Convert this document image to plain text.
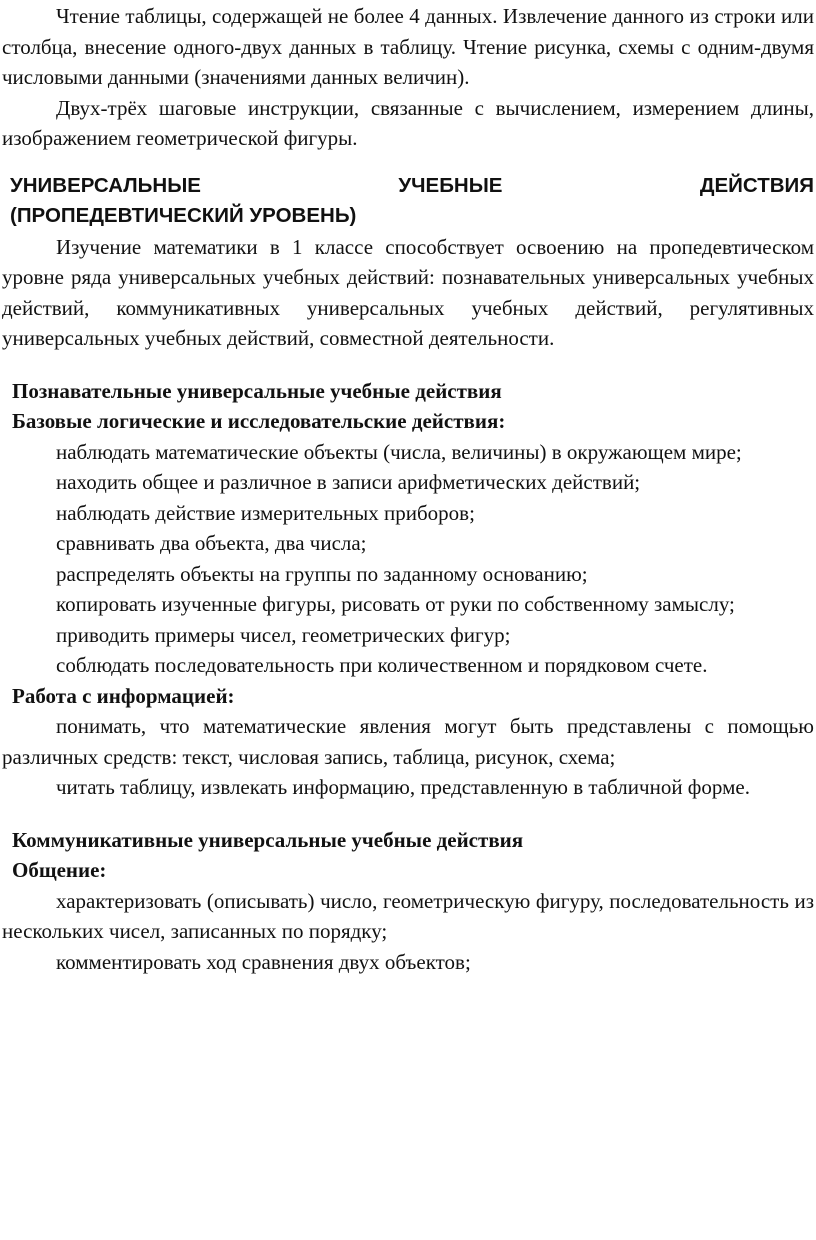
Чтение таблицы, содержащей не более 4 данных. Извлечение данного из строки или столбца, внесение одного-двух данных в таблицу. Чтение рисунка, схемы с одним-двумя числовыми данными (значениями данных величин).

Двух-трёх шаговые инструкции, связанные с вычислением, измерением длины, изображением геометрической фигуры.

УНИВЕРСАЛЬНЫЕ	УЧЕБНЫЕ	ДЕЙСТВИЯ
(ПРОПЕДЕВТИЧЕСКИЙ УРОВЕНЬ)

Изучение математики в 1 классе способствует освоению на пропедевтическом уровне ряда универсальных учебных действий: познавательных универсальных учебных действий, коммуникативных универсальных учебных действий, регулятивных универсальных учебных действий, совместной деятельности.

Познавательные универсальные учебные действия
Базовые логические и исследовательские действия:

наблюдать математические объекты (числа, величины) в окружающем мире;

находить общее и различное в записи арифметических действий;

наблюдать действие измерительных приборов;

сравнивать два объекта, два числа;

распределять объекты на группы по заданному основанию;

копировать изученные фигуры, рисовать от руки по собственному замыслу;

приводить примеры чисел, геометрических фигур;

соблюдать последовательность при количественном и порядковом счете.

Работа с информацией:

понимать, что математические явления могут быть представлены с помощью различных средств: текст, числовая запись, таблица, рисунок, схема;

читать таблицу, извлекать информацию, представленную в табличной форме.

Коммуникативные универсальные учебные действия
Общение:

характеризовать (описывать) число, геометрическую фигуру, последовательность из нескольких чисел, записанных по порядку;

комментировать ход сравнения двух объектов;
